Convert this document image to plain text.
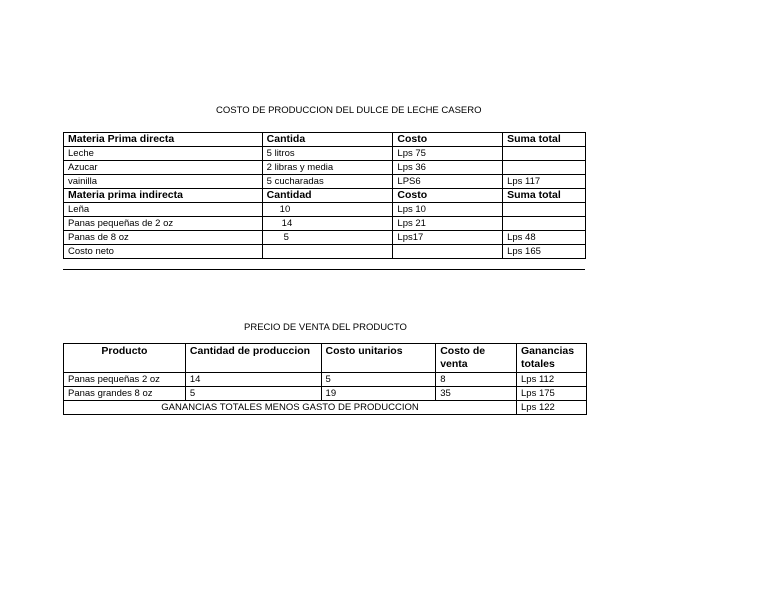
COSTO DE PRODUCCION DEL DULCE DE LECHE CASERO
Materia Prima directa	Cantida	Costo	Suma total
Leche	5 litros	Lps 75	
Azucar	2 libras y media	Lps 36	
vainilla	5 cucharadas	LPS6	Lps 117
Materia prima indirecta	Cantidad	Costo	Suma total
Leña	10	Lps 10	
Panas pequeñas de 2 oz	14	Lps 21	
Panas de 8 oz	5	Lps17	Lps 48
Costo neto			Lps 165
PRECIO DE VENTA DEL PRODUCTO
Producto	Cantidad de produccion	Costo unitarios	Costo de venta	Ganancias totales
Panas pequeñas 2 oz	14	5	8	Lps 112
Panas grandes 8 oz	5	19	35	Lps 175
GANANCIAS TOTALES MENOS GASTO DE PRODUCCION				Lps 122
